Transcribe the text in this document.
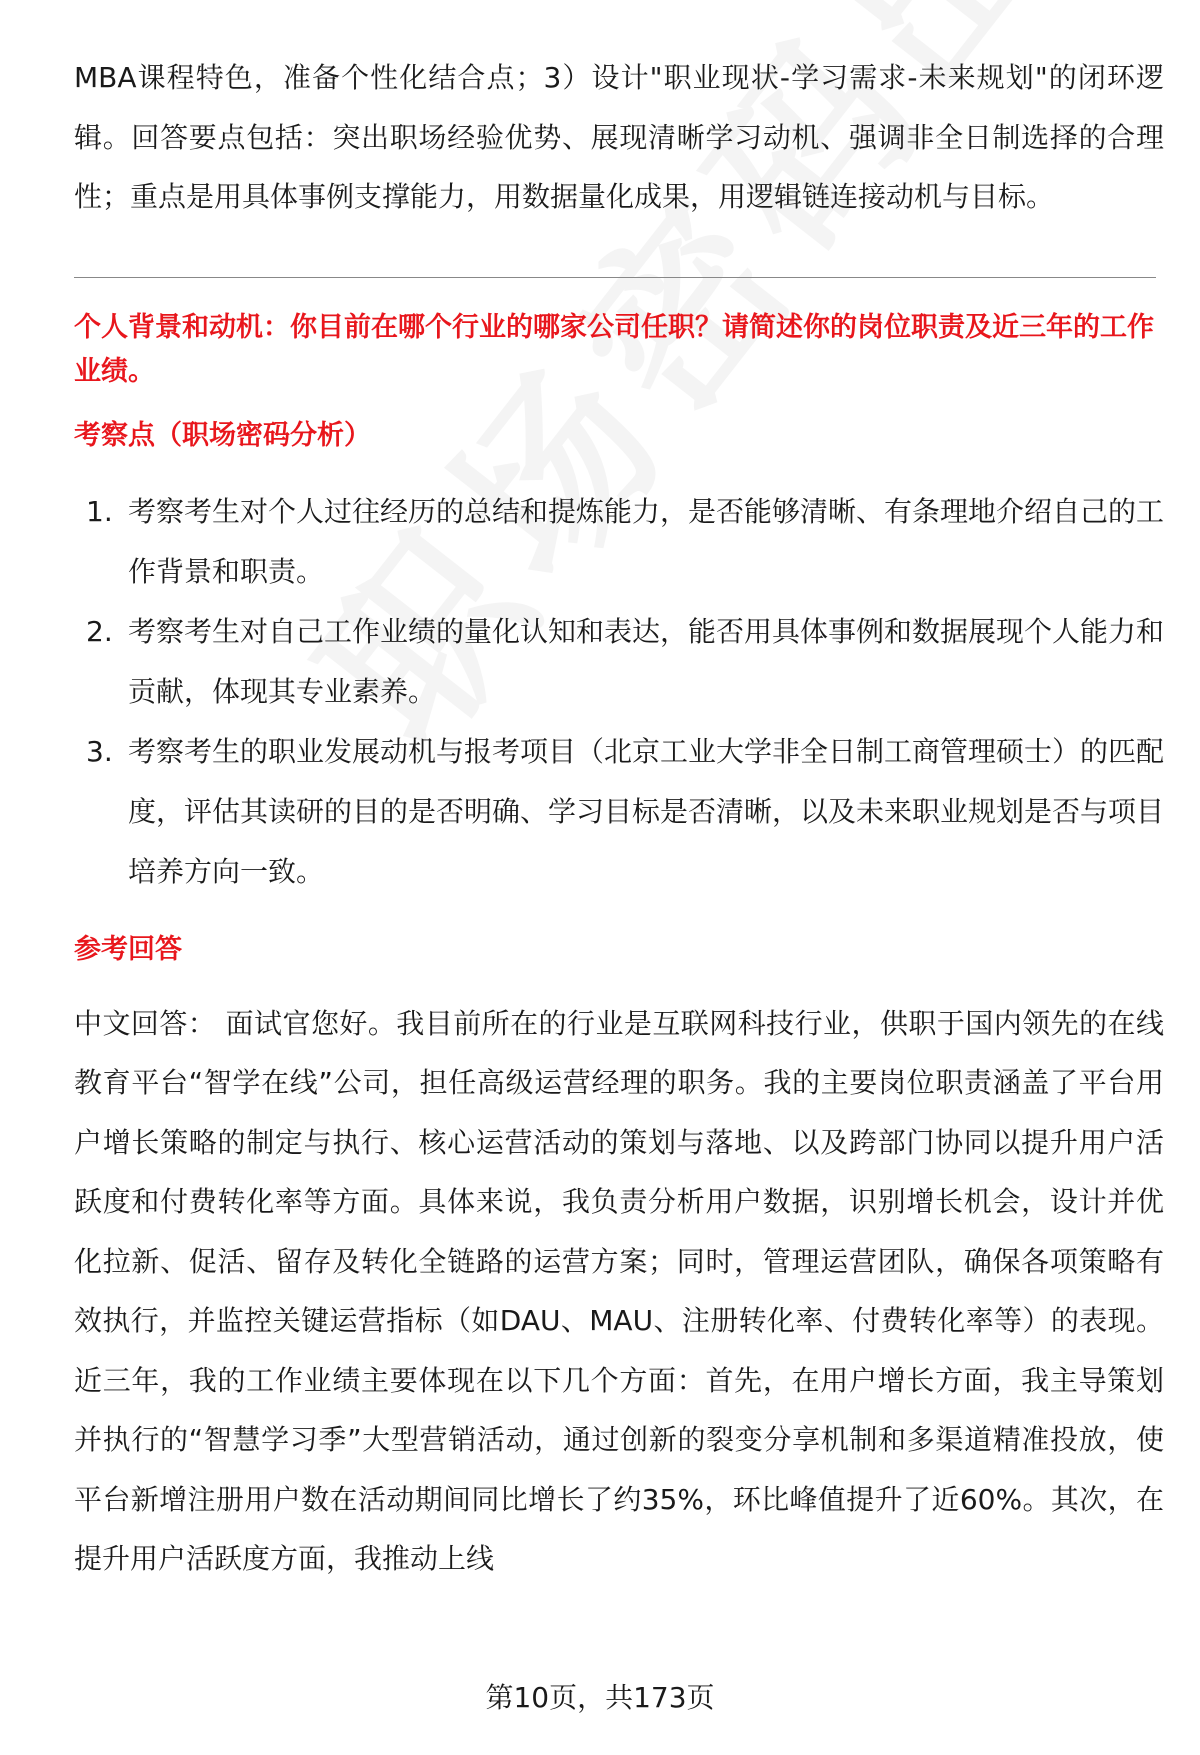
MBA课程特色，准备个性化结合点；3）设计"职业现状-学习需求-未来规划"的闭环逻辑。回答要点包括：突出职场经验优势、展现清晰学习动机、强调非全日制选择的合理性；重点是用具体事例支撑能力，用数据量化成果，用逻辑链连接动机与目标。

个人背景和动机：你目前在哪个行业的哪家公司任职？请简述你的岗位职责及近三年的工作业绩。
考察点（职场密码分析）
1. 考察考生对个人过往经历的总结和提炼能力，是否能够清晰、有条理地介绍自己的工作背景和职责。
2. 考察考生对自己工作业绩的量化认知和表达，能否用具体事例和数据展现个人能力和贡献，体现其专业素养。
3. 考察考生的职业发展动机与报考项目（北京工业大学非全日制工商管理硕士）的匹配度，评估其读研的目的是否明确、学习目标是否清晰，以及未来职业规划是否与项目培养方向一致。
参考回答

中文回答： 面试官您好。我目前所在的行业是互联网科技行业，供职于国内领先的在线教育平台“智学在线”公司，担任高级运营经理的职务。我的主要岗位职责涵盖了平台用户增长策略的制定与执行、核心运营活动的策划与落地、以及跨部门协同以提升用户活跃度和付费转化率等方面。具体来说，我负责分析用户数据，识别增长机会，设计并优化拉新、促活、留存及转化全链路的运营方案；同时，管理运营团队，确保各项策略有效执行，并监控关键运营指标（如DAU、MAU、注册转化率、付费转化率等）的表现。近三年，我的工作业绩主要体现在以下几个方面：首先，在用户增长方面，我主导策划并执行的“智慧学习季”大型营销活动，通过创新的裂变分享机制和多渠道精准投放，使平台新增注册用户数在活动期间同比增长了约35%，环比峰值提升了近60%。其次，在提升用户活跃度方面，我推动上线

第10页，共173页
